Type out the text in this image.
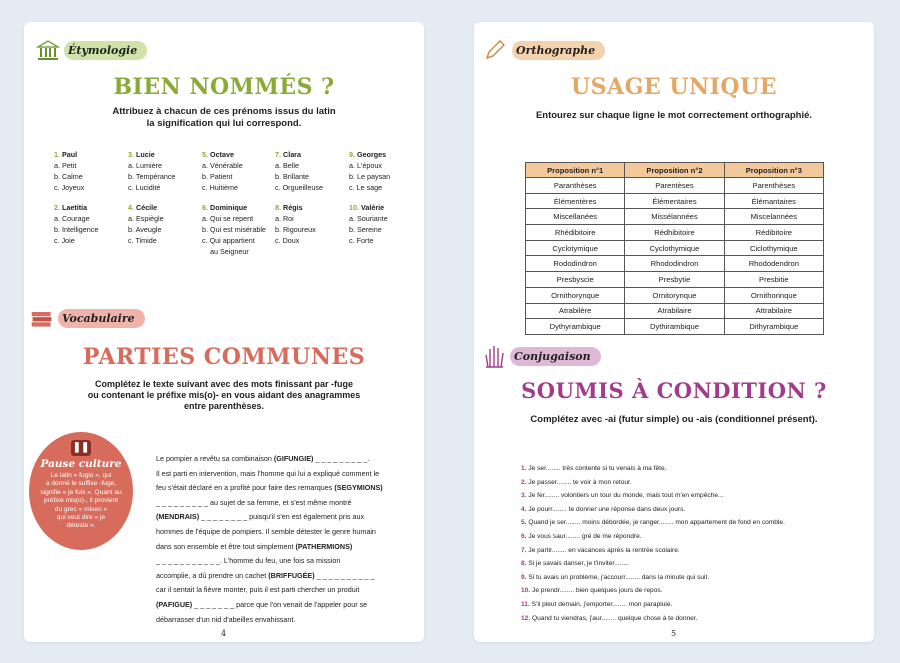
Étymologie
BIEN NOMMÉS ?
Attribuez à chacun de ces prénoms issus du latin
la signification qui lui correspond.
1. Paul
a. Petit
b. Calme
c. Joyeux
3. Lucie
a. Lumière
b. Tempérance
c. Lucidité
5. Octave
a. Vénérable
b. Patient
c. Huitième
7. Clara
a. Belle
b. Brillante
c. Orgueilleuse
9. Georges
a. L'époux
b. Le paysan
c. Le sage
2. Laetitia
a. Courage
b. Intelligence
c. Joie
4. Cécile
a. Espiègle
b. Aveugle
c. Timide
6. Dominique
a. Qui se repent
b. Qui est misérable
c. Qui appartient
au Seigneur
8. Régis
a. Roi
b. Rigoureux
c. Doux
10. Valérie
a. Souriante
b. Sereine
c. Forte
Vocabulaire
PARTIES COMMUNES
Complétez le texte suivant avec des mots finissant par -fuge
ou contenant le préfixe mis(o)- en vous aidant des anagrammes
entre parenthèses.
❚❚
Pause culture
Le latin « fugio », qui
a donné le suffixe -fuge,
signifie « je fuis ». Quant au
préfixe mis(o)-, il provient
du grec « miseo »
qui veut dire « je
déteste ».
Le pompier a revêtu sa combinaison (GIFUNGIE) _ _ _ _ _ _ _ _ _.
Il est parti en intervention, mais l'homme qui lui a expliqué comment le
feu s'était déclaré en a profité pour faire des remarques (SEGYMIONS)
_ _ _ _ _ _ _ _ _ au sujet de sa femme, et s'est même montré
(MENDRAIS) _ _ _ _ _ _ _ _ puisqu'il s'en est également pris aux
hommes de l'équipe de pompiers. Il semble détester le genre humain
dans son ensemble et être tout simplement (PATHERMIONS)
_ _ _ _ _ _ _ _ _ _ _. L'homme du feu, une fois sa mission
accomplie, a dû prendre un cachet (BRIFFUGÉE) _ _ _ _ _ _ _ _ _ _
car il sentait la fièvre monter, puis il est parti chercher un produit
(PAFIGUE) _ _ _ _ _ _ _ parce que l'on venait de l'appeler pour se
débarrasser d'un nid d'abeilles envahissant.
4
Orthographe
USAGE UNIQUE
Entourez sur chaque ligne le mot correctement orthographié.
Proposition n°1	Proposition n°2	Proposition n°3
Paranthèses	Parentèses	Parenthèses
Élémentères	Élémentaires	Élémantaires
Miscellanées	Missélannées	Miscelannées
Rhédibitoire	Rédhibitoire	Rédibitoire
Cyclotymique	Cyclothymique	Ciclothymique
Rododindron	Rhododindron	Rhododendron
Presbyscie	Presbytie	Presbitie
Ornithorynque	Ornitorynque	Ornithorinque
Atrabilère	Atrabilaire	Attrabilaire
Dythyrambique	Dythirambique	Dithyrambique
Conjugaison
SOUMIS À CONDITION ?
Complétez avec -ai (futur simple) ou -ais (conditionnel présent).
1. Je ser........ très contente si tu venais à ma fête.
2. Je passer........ te voir à mon retour.
3. Je fer........ volontiers un tour du monde, mais tout m'en empêche...
4. Je pourr........ te donner une réponse dans deux jours.
5. Quand je ser........ moins débordée, je ranger........ mon appartement de fond en comble.
6. Je vous saur........ gré de me répondre.
7. Je partir........ en vacances après la rentrée scolaire.
8. Si je savais danser, je t'inviter........
9. Si tu avais un problème, j'accourr........ dans la minute qui suit.
10. Je prendr........ bien quelques jours de repos.
11. S'il pleut demain, j'emporter........ mon parapluie.
12. Quand tu viendras, j'aur........ quelque chose à te donner.
5
